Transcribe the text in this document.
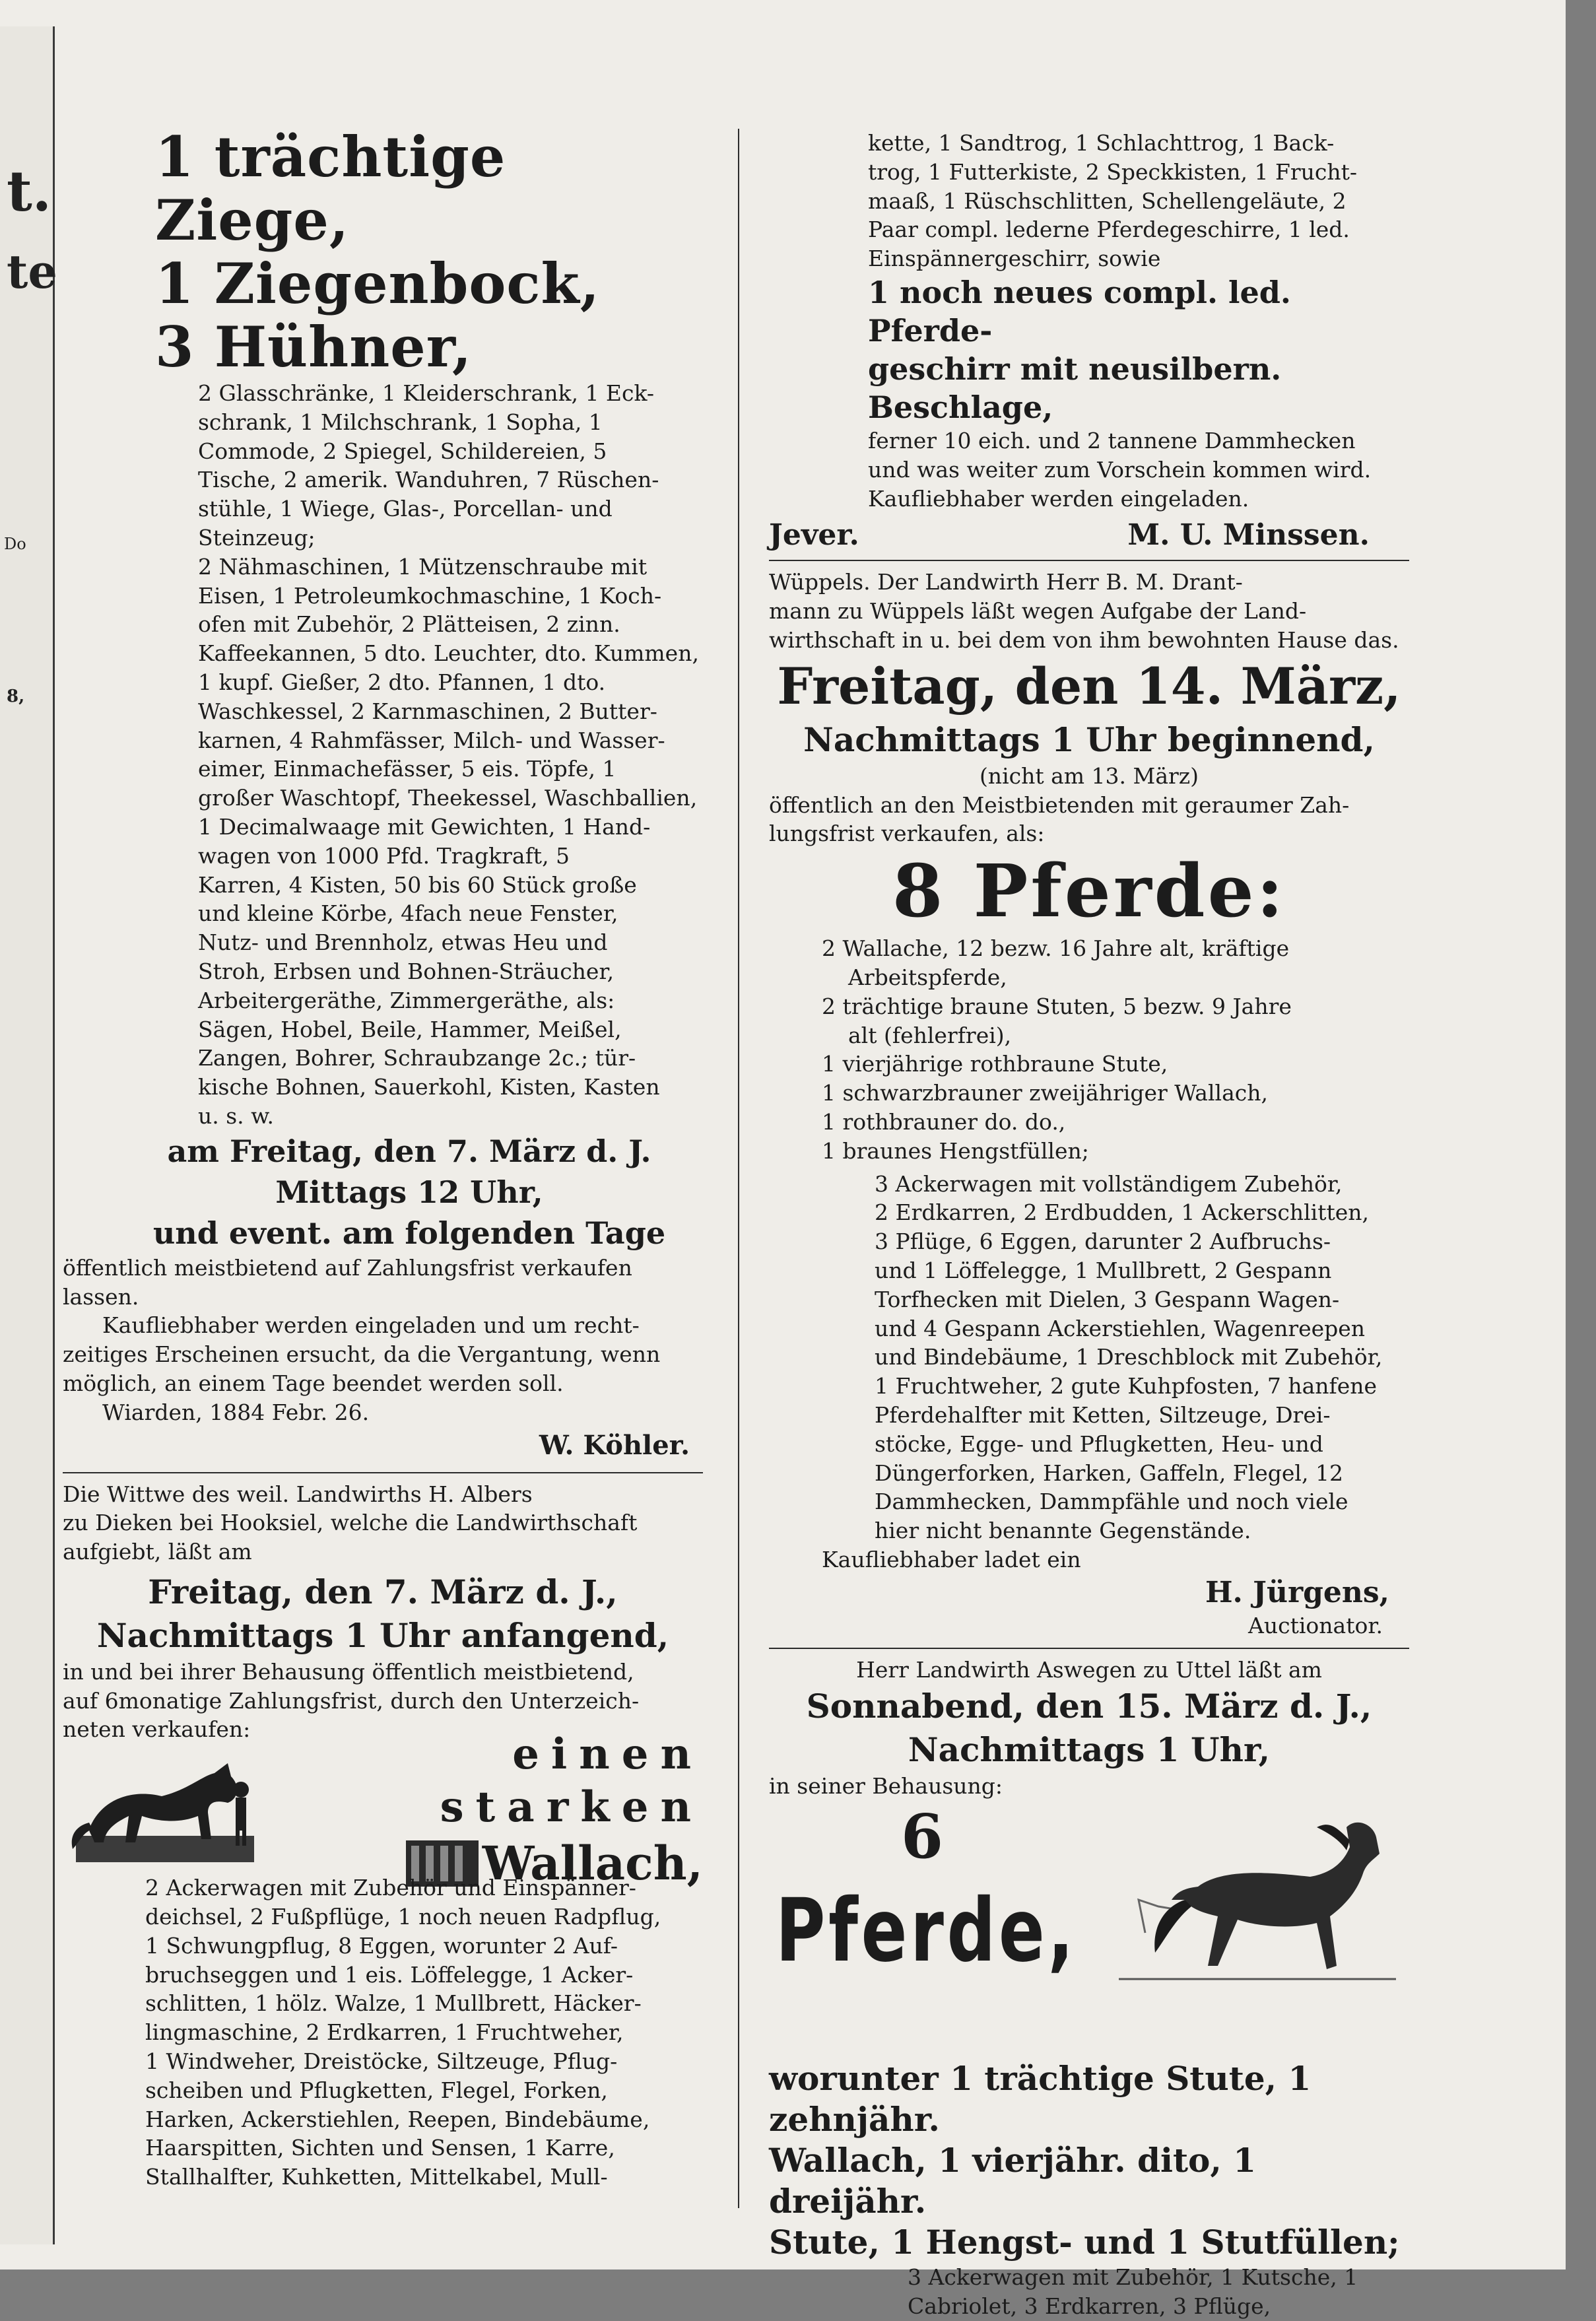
t.
te
Do
8,
1 trächtige Ziege,
1 Ziegenbock,
3 Hühner,
2 Glasschränke, 1 Kleiderschrank, 1 Eck-
schrank, 1 Milchschrank, 1 Sopha, 1
Commode, 2 Spiegel, Schildereien, 5
Tische, 2 amerik. Wanduhren, 7 Rüschen-
stühle, 1 Wiege, Glas-, Porcellan- und
Steinzeug;
2 Nähmaschinen, 1 Mützenschraube mit
Eisen, 1 Petroleumkochmaschine, 1 Koch-
ofen mit Zubehör, 2 Plätteisen, 2 zinn.
Kaffeekannen, 5 dto. Leuchter, dto. Kummen,
1 kupf. Gießer, 2 dto. Pfannen, 1 dto.
Waschkessel, 2 Karnmaschinen, 2 Butter-
karnen, 4 Rahmfässer, Milch- und Wasser-
eimer, Einmachefässer, 5 eis. Töpfe, 1
großer Waschtopf, Theekessel, Waschballien,
1 Decimalwaage mit Gewichten, 1 Hand-
wagen von 1000 Pfd. Tragkraft, 5
Karren, 4 Kisten, 50 bis 60 Stück große
und kleine Körbe, 4fach neue Fenster,
Nutz- und Brennholz, etwas Heu und
Stroh, Erbsen und Bohnen-Sträucher,
Arbeitergeräthe, Zimmergeräthe, als:
Sägen, Hobel, Beile, Hammer, Meißel,
Zangen, Bohrer, Schraubzange 2c.; tür-
kische Bohnen, Sauerkohl, Kisten, Kasten
u. s. w.
am Freitag, den 7. März d. J.
Mittags 12 Uhr,
und event. am folgenden Tage
öffentlich meistbietend auf Zahlungsfrist verkaufen
lassen.
Kaufliebhaber werden eingeladen und um recht-
zeitiges Erscheinen ersucht, da die Vergantung, wenn
möglich, an einem Tage beendet werden soll.
Wiarden, 1884 Febr. 26.
W. Köhler.
Die Wittwe des weil. Landwirths H. Albers
zu Dieken bei Hooksiel, welche die Landwirthschaft
aufgiebt, läßt am
Freitag, den 7. März d. J.,
Nachmittags 1 Uhr anfangend,
in und bei ihrer Behausung öffentlich meistbietend,
auf 6monatige Zahlungsfrist, durch den Unterzeich-
neten verkaufen:
einen starken
Wallach,
2 Ackerwagen mit Zubehör und Einspänner-
deichsel, 2 Fußpflüge, 1 noch neuen Radpflug,
1 Schwungpflug, 8 Eggen, worunter 2 Auf-
bruchseggen und 1 eis. Löffelegge, 1 Acker-
schlitten, 1 hölz. Walze, 1 Mullbrett, Häcker-
lingmaschine, 2 Erdkarren, 1 Fruchtweher,
1 Windweher, Dreistöcke, Siltzeuge, Pflug-
scheiben und Pflugketten, Flegel, Forken,
Harken, Ackerstiehlen, Reepen, Bindebäume,
Haarspitten, Sichten und Sensen, 1 Karre,
Stallhalfter, Kuhketten, Mittelkabel, Mull-
kette, 1 Sandtrog, 1 Schlachttrog, 1 Back-
trog, 1 Futterkiste, 2 Speckkisten, 1 Frucht-
maaß, 1 Rüschschlitten, Schellengeläute, 2
Paar compl. lederne Pferdegeschirre, 1 led.
Einspännergeschirr, sowie
1 noch neues compl. led. Pferde-
geschirr mit neusilbern. Beschlage,
ferner 10 eich. und 2 tannene Dammhecken
und was weiter zum Vorschein kommen wird.
Kaufliebhaber werden eingeladen.
Jever.	M. U. Minssen.
Wüppels. Der Landwirth Herr B. M. Drant-
mann zu Wüppels läßt wegen Aufgabe der Land-
wirthschaft in u. bei dem von ihm bewohnten Hause das.
Freitag, den 14. März,
Nachmittags 1 Uhr beginnend,
(nicht am 13. März)
öffentlich an den Meistbietenden mit geraumer Zah-
lungsfrist verkaufen, als:
8 Pferde:
2 Wallache, 12 bezw. 16 Jahre alt, kräftige
Arbeitspferde,
2 trächtige braune Stuten, 5 bezw. 9 Jahre
alt (fehlerfrei),
1 vierjährige rothbraune Stute,
1 schwarzbrauner zweijähriger Wallach,
1 rothbrauner do. do.,
1 braunes Hengstfüllen;
3 Ackerwagen mit vollständigem Zubehör,
2 Erdkarren, 2 Erdbudden, 1 Ackerschlitten,
3 Pflüge, 6 Eggen, darunter 2 Aufbruchs-
und 1 Löffelegge, 1 Mullbrett, 2 Gespann
Torfhecken mit Dielen, 3 Gespann Wagen-
und 4 Gespann Ackerstiehlen, Wagenreepen
und Bindebäume, 1 Dreschblock mit Zubehör,
1 Fruchtweher, 2 gute Kuhpfosten, 7 hanfene
Pferdehalfter mit Ketten, Siltzeuge, Drei-
stöcke, Egge- und Pflugketten, Heu- und
Düngerforken, Harken, Gaffeln, Flegel, 12
Dammhecken, Dammpfähle und noch viele
hier nicht benannte Gegenstände.
Kaufliebhaber ladet ein
H. Jürgens,
Auctionator.
Herr Landwirth Aswegen zu Uttel läßt am
Sonnabend, den 15. März d. J.,
Nachmittags 1 Uhr,
in seiner Behausung:
6
Pferde,
worunter 1 trächtige Stute, 1 zehnjähr.
Wallach, 1 vierjähr. dito, 1 dreijähr.
Stute, 1 Hengst- und 1 Stutfüllen;
3 Ackerwagen mit Zubehör, 1 Kutsche, 1
Cabriolet, 3 Erdkarren, 3 Pflüge,
